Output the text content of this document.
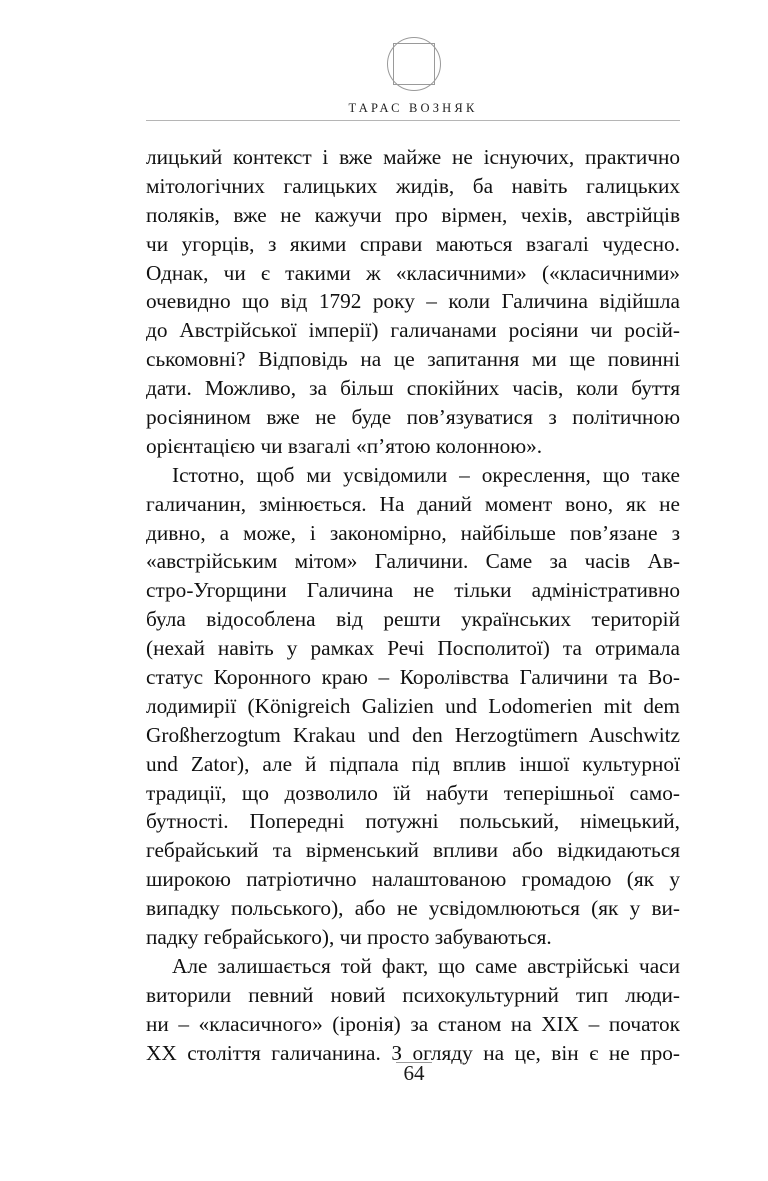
ТАРАС ВОЗНЯК
лицький контекст і вже майже не існуючих, практично
мітологічних галицьких жидів, ба навіть галицьких
поляків, вже не кажучи про вірмен, чехів, австрійців
чи угорців, з якими справи маються взагалі чудесно.
Однак, чи є такими ж «класичними» («класичними»
очевидно що від 1792 року – коли Галичина відійшла
до Австрійської імперії) галичанами росіяни чи росій-
ськомовні? Відповідь на це запитання ми ще повинні
дати. Можливо, за більш спокійних часів, коли буття
росіянином вже не буде пов’язуватися з політичною
орієнтацією чи взагалі «п’ятою колонною».
Істотно, щоб ми усвідомили – окреслення, що таке
галичанин, змінюється. На даний момент воно, як не
дивно, а може, і закономірно, найбільше пов’язане з
«австрійським мітом» Галичини. Саме за часів Ав-
стро-Угорщини Галичина не тільки адміністративно
була відособлена від решти українських територій
(нехай навіть у рамках Речі Посполитої) та отримала
статус Коронного краю – Королівства Галичини та Во-
лодимирії (Königreich Galizien und Lodomerien mit dem
Großherzogtum Krakau und den Herzogtümern Auschwitz
und Zator), але й підпала під вплив іншої культурної
традиції, що дозволило їй набути теперішньої само-
бутності. Попередні потужні польський, німецький,
гебрайський та вірменський впливи або відкидаються
широкою патріотично налаштованою громадою (як у
випадку польського), або не усвідомлюються (як у ви-
падку гебрайського), чи просто забуваються.
Але залишається той факт, що саме австрійські часи
виторили певний новий психокультурний тип люди-
ни – «класичного» (іронія) за станом на XIX – початок
XX століття галичанина. З огляду на це, він є не про-
64
